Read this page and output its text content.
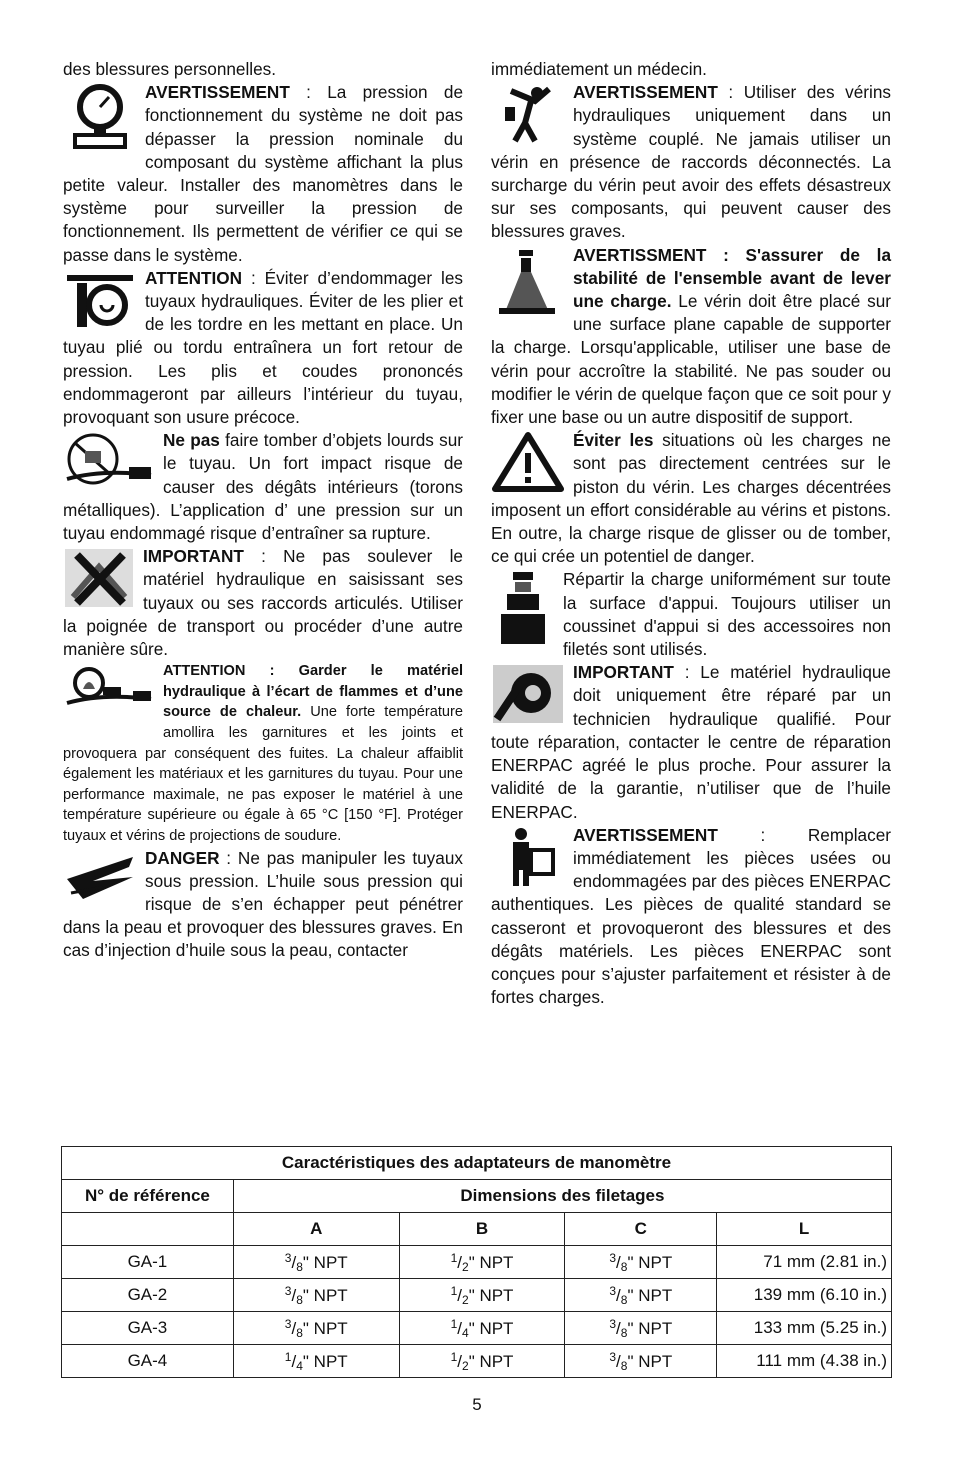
des blessures personnelles.

AVERTISSEMENT : La pression de fonctionnement du système ne doit pas dépasser la pression nominale du composant du système affichant la plus petite valeur. Installer des manomètres dans le système pour surveiller la pression de fonctionnement. Ils permettent de vérifier ce qui se passe dans le système.

ATTENTION : Éviter d’endommager les tuyaux hydrauliques. Éviter de les plier et de les tordre en les mettant en place. Un tuyau plié ou tordu entraînera un fort retour de pression. Les plis et coudes prononcés endommageront par ailleurs l’intérieur du tuyau, provoquant son usure précoce.

Ne pas faire tomber d’objets lourds sur le tuyau. Un fort impact risque de causer des dégâts intérieurs (torons métalliques). L’application d’ une pression sur un tuyau endommagé risque d’entraîner sa rupture.

IMPORTANT : Ne pas soulever le matériel hydraulique en saisissant ses tuyaux ou ses raccords articulés. Utiliser la poignée de transport ou procéder d’une autre manière sûre.

ATTENTION : Garder le matériel hydraulique à l’écart de flammes et d’une source de chaleur. Une forte température amollira les garnitures et les joints et provoquera par conséquent des fuites. La chaleur affaiblit également les matériaux et les garnitures du tuyau. Pour une performance maximale, ne pas exposer le matériel à une température supérieure ou égale à 65 °C [150 °F]. Protéger tuyaux et vérins de projections de soudure.

DANGER : Ne pas manipuler les tuyaux sous pression. L’huile sous pression qui risque de s’en échapper peut pénétrer dans la peau et provoquer des blessures graves. En cas d’injection d’huile sous la peau, contacter

immédiatement un médecin.

AVERTISSEMENT : Utiliser des vérins hydrauliques uniquement dans un système couplé. Ne jamais utiliser un vérin en présence de raccords déconnectés. La surcharge du vérin peut avoir des effets désastreux sur ses composants, qui peuvent causer des blessures graves.

AVERTISSMENT : S'assurer de la stabilité de l'ensemble avant de lever une charge. Le vérin doit être placé sur une surface plane capable de supporter la charge. Lorsqu'applicable, utiliser une base de vérin pour accroître la stabilité. Ne pas souder ou modifier le vérin de quelque façon que ce soit pour y fixer une base ou un autre dispositif de support.

Éviter les situations où les charges ne sont pas directement centrées sur le piston du vérin. Les charges décentrées imposent un effort considérable au vérins et pistons. En outre, la charge risque de glisser ou de tomber, ce qui crée un potentiel de danger.

Répartir la charge uniformément sur toute la surface d'appui. Toujours utiliser un coussinet d'appui si des accessoires non filetés sont utilisés.

IMPORTANT : Le matériel hydraulique doit uniquement être réparé par un technicien hydraulique qualifié. Pour toute réparation, contacter le centre de réparation ENERPAC agréé le plus proche. Pour assurer la validité de la garantie, n’utiliser que de l’huile ENERPAC.

AVERTISSEMENT : Remplacer immédiatement les pièces usées ou endommagées par des pièces ENERPAC authentiques. Les pièces de qualité standard se casseront et provoqueront des blessures et des dégâts matériels. Les pièces ENERPAC sont conçues pour s’ajuster parfaitement et résister à de fortes charges.

Caractéristiques des adaptateurs de manomètre				
N° de référence	Dimensions des filetages			
	A	B	C	L
GA-1	$^3/_8$" NPT	$^1/_2$" NPT	$^3/_8$" NPT	71 mm (2.81 in.)
GA-2	$^3/_8$" NPT	$^1/_2$" NPT	$^3/_8$" NPT	139 mm (6.10 in.)
GA-3	$^3/_8$" NPT	$^1/_4$" NPT	$^3/_8$" NPT	133 mm (5.25 in.)
GA-4	$^1/_4$" NPT	$^1/_2$" NPT	$^3/_8$" NPT	111 mm (4.38 in.)
5
